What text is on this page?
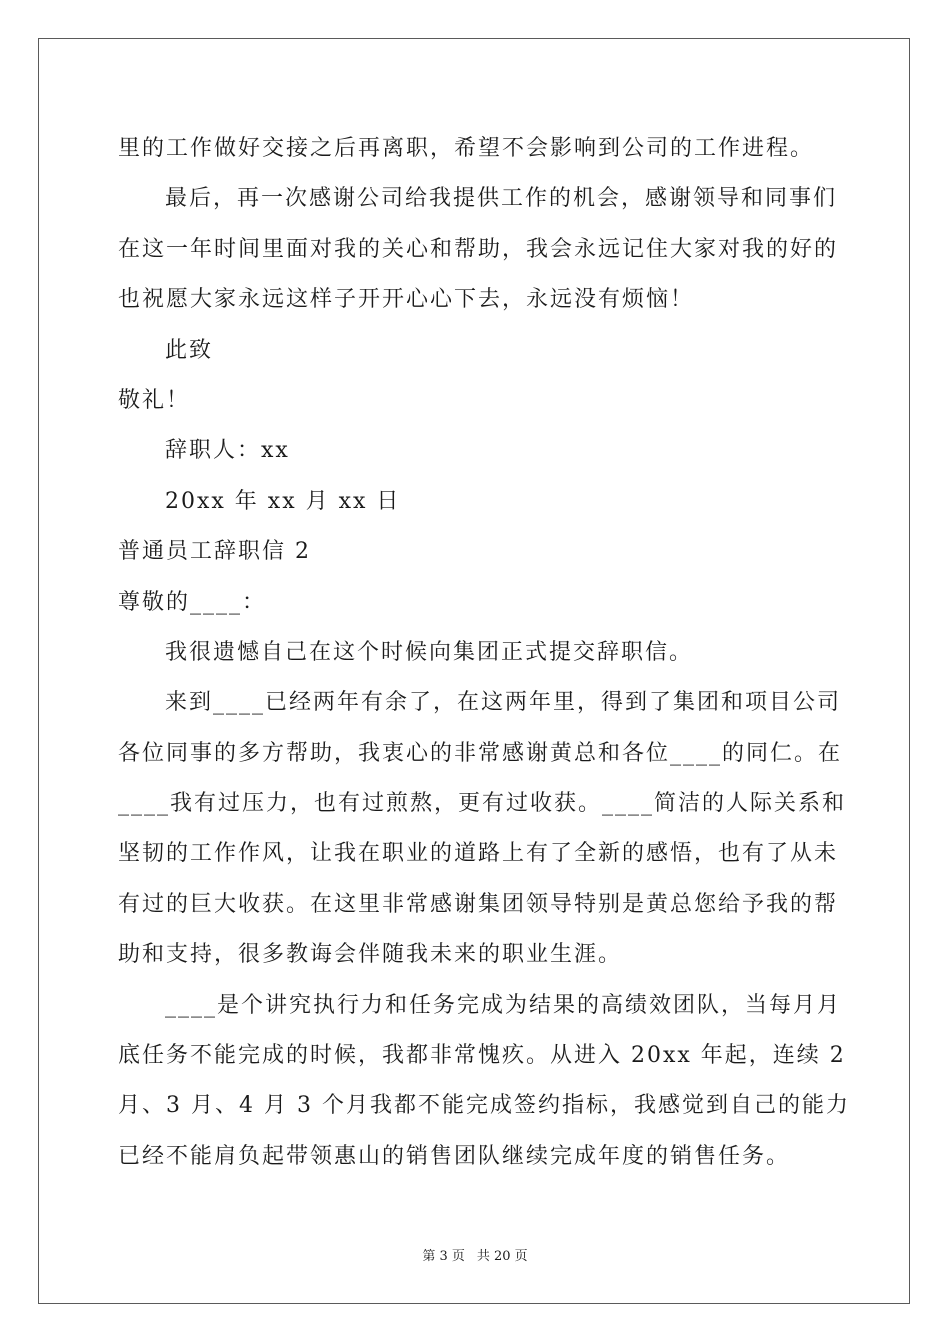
里的工作做好交接之后再离职，希望不会影响到公司的工作进程。
最后，再一次感谢公司给我提供工作的机会，感谢领导和同事们
在这一年时间里面对我的关心和帮助，我会永远记住大家对我的好的
也祝愿大家永远这样子开开心心下去，永远没有烦恼！
此致
敬礼！
辞职人：xx
20xx 年 xx 月 xx 日
普通员工辞职信 2
尊敬的____：
我很遗憾自己在这个时候向集团正式提交辞职信。
来到____已经两年有余了，在这两年里，得到了集团和项目公司
各位同事的多方帮助，我衷心的非常感谢黄总和各位____的同仁。在
____我有过压力，也有过煎熬，更有过收获。____简洁的人际关系和
坚韧的工作作风，让我在职业的道路上有了全新的感悟，也有了从未
有过的巨大收获。在这里非常感谢集团领导特别是黄总您给予我的帮
助和支持，很多教诲会伴随我未来的职业生涯。
____是个讲究执行力和任务完成为结果的高绩效团队，当每月月
底任务不能完成的时候，我都非常愧疚。从进入 20xx 年起，连续 2
月、3 月、4 月 3 个月我都不能完成签约指标，我感觉到自己的能力
已经不能肩负起带领惠山的销售团队继续完成年度的销售任务。
第 3 页 共 20 页
